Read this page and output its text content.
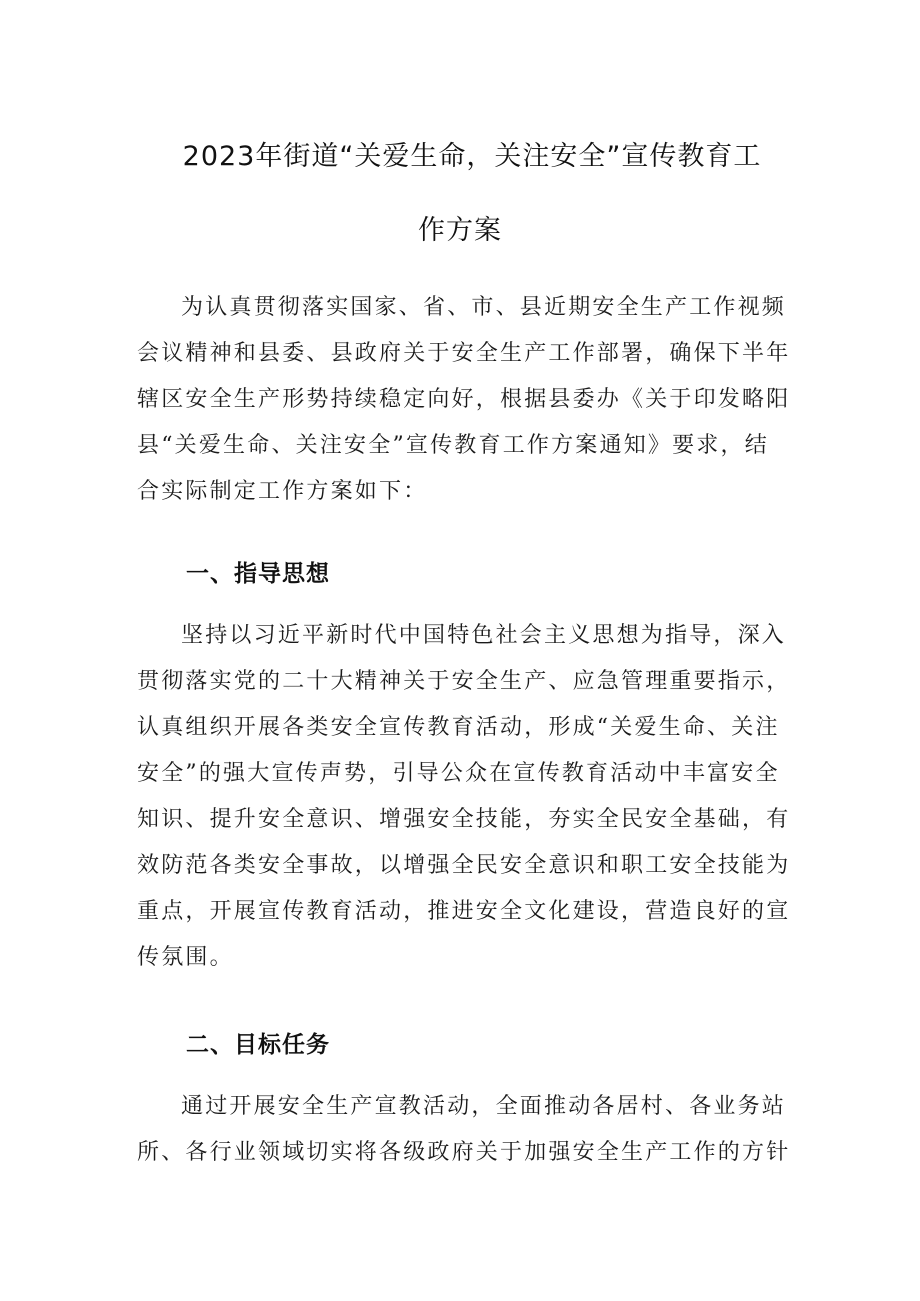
2023年街道“关爱生命，关注安全”宣传教育工
作方案
为认真贯彻落实国家、省、市、县近期安全生产工作视频
会议精神和县委、县政府关于安全生产工作部署，确保下半年
辖区安全生产形势持续稳定向好，根据县委办《关于印发略阳
县“关爱生命、关注安全”宣传教育工作方案通知》要求，结
合实际制定工作方案如下：
一、指导思想
坚持以习近平新时代中国特色社会主义思想为指导，深入
贯彻落实党的二十大精神关于安全生产、应急管理重要指示，
认真组织开展各类安全宣传教育活动，形成“关爱生命、关注
安全”的强大宣传声势，引导公众在宣传教育活动中丰富安全
知识、提升安全意识、增强安全技能，夯实全民安全基础，有
效防范各类安全事故，以增强全民安全意识和职工安全技能为
重点，开展宣传教育活动，推进安全文化建设，营造良好的宣
传氛围。
二、目标任务
通过开展安全生产宣教活动，全面推动各居村、各业务站
所、各行业领域切实将各级政府关于加强安全生产工作的方针
